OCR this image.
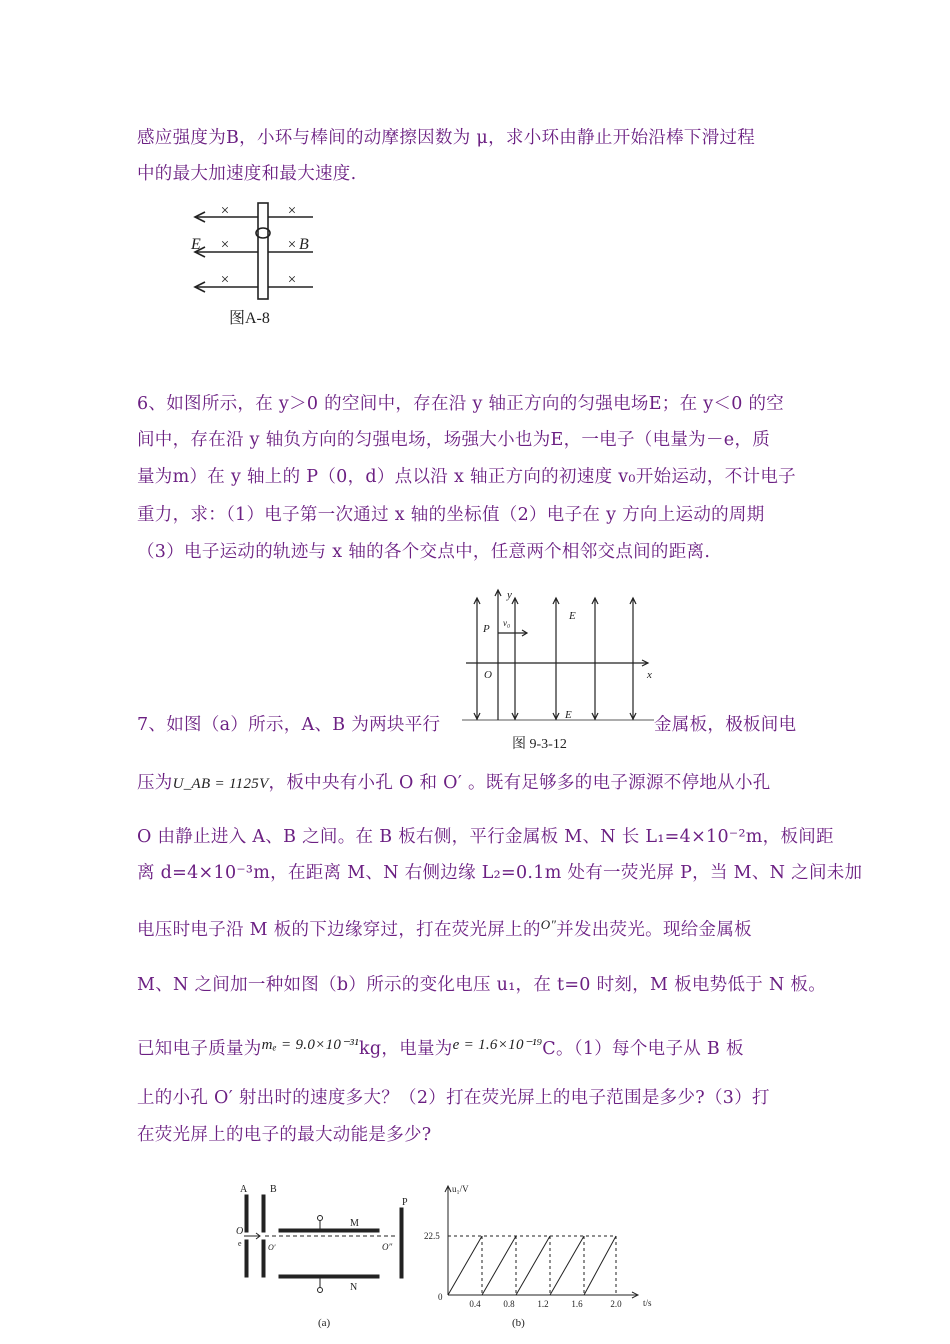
感应强度为B，小环与棒间的动摩擦因数为 μ，求小环由静止开始沿棒下滑过程
中的最大加速度和最大速度.
×	×
×	×
×	×
E	B
图A-8
6、如图所示，在 y＞0 的空间中，存在沿 y 轴正方向的匀强电场E；在 y＜0 的空
间中，存在沿 y 轴负方向的匀强电场，场强大小也为E，一电子（电量为－e，质
量为m）在 y 轴上的 P（0，d）点以沿 x 轴正方向的初速度 v₀开始运动，不计电子
重力，求：（1）电子第一次通过 x 轴的坐标值（2）电子在 y 方向上运动的周期
（3）电子运动的轨迹与 x 轴的各个交点中，任意两个相邻交点间的距离.
y
x
P
O
v₀
E
E
图 9-3-12
7、如图（a）所示，A、B 为两块平行	金属板，极板间电
压为U_AB = 1125V，板中央有小孔 O 和 O′ 。既有足够多的电子源源不停地从小孔
O 由静止进入 A、B 之间。在 B 板右侧，平行金属板 M、N 长 L₁=4×10⁻²m，板间距
离 d=4×10⁻³m，在距离 M、N 右侧边缘 L₂=0.1m 处有一荧光屏 P，当 M、N 之间未加
电压时电子沿 M 板的下边缘穿过，打在荧光屏上的$^{O''}$并发出荧光。现给金属板
M、N 之间加一种如图（b）所示的变化电压 u₁，在 t=0 时刻，M 板电势低于 N 板。
已知电子质量为mₑ = 9.0×10⁻³¹kg，电量为e = 1.6×10⁻¹⁹C。（1）每个电子从 B 板
上的小孔 O′ 射出时的速度多大？（2）打在荧光屏上的电子范围是多少?（3）打
在荧光屏上的电子的最大动能是多少?
A B
M
N
P
O
e	O′	O″
(a)
u₁/V
t/s
22.5
0
0.4	0.8	1.2	1.6	2.0
(b)
